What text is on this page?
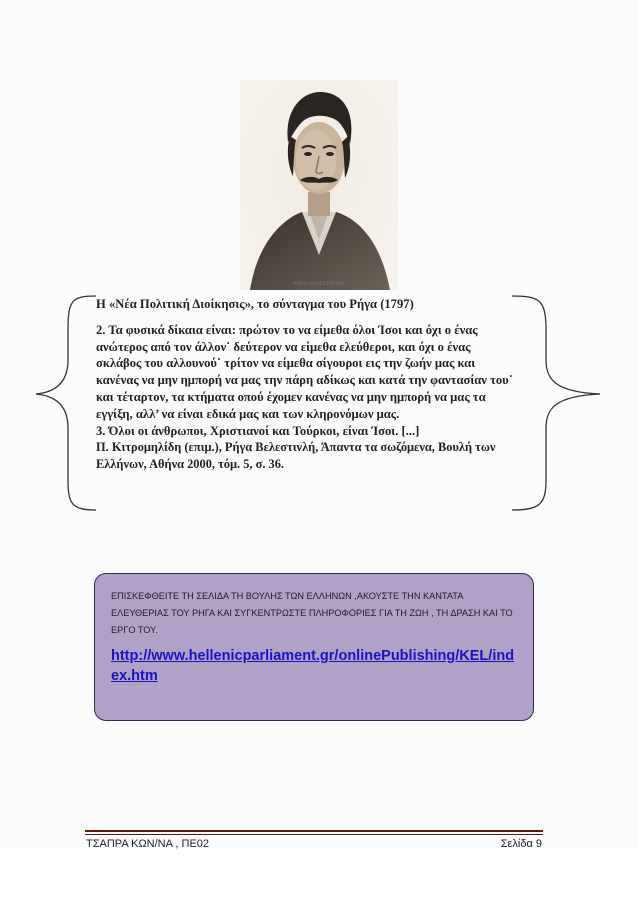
ΡΗΓΑΣ ΒΕΛΕΣΤΙΝΛΗΣ

Η «Νέα Πολιτική Διοίκησις», το σύνταγμα του Ρήγα (1797)

2. Τα φυσικά δίκαια είναι: πρώτον το να είμεθα όλοι Ίσοι και όχι ο ένας ανώτερος από τον άλλον˙ δεύτερον να είμεθα ελεύθεροι, και όχι ο ένας σκλάβος του αλλουνού˙ τρίτον να είμεθα σίγουροι εις την ζωήν μας και κανένας να μην ημπορή να μας την πάρη αδίκως και κατά την φαντασίαν του˙ και τέταρτον, τα κτήματα οπού έχομεν κανένας να μην ημπορή να μας τα εγγίξη, αλλ’ να είναι εδικά μας και των κληρονόμων μας.

3. Όλοι οι άνθρωποι, Χριστιανοί και Τούρκοι, είναι Ίσοι. [...]

Π. Κιτρομηλίδη (επιμ.), Ρήγα Βελεστινλή, Άπαντα τα σωζόμενα, Βουλή των Ελλήνων, Αθήνα 2000, τόμ. 5, σ. 36.

ΕΠΙΣΚΕΦΘΕΙΤΕ ΤΗ ΣΕΛΙΔΑ ΤΗ ΒΟΥΛΗΣ ΤΩΝ ΕΛΛΗΝΩΝ ,ΑΚΟΥΣΤΕ ΤΗΝ ΚΑΝΤΑΤΑ ΕΛΕΥΘΕΡΙΑΣ ΤΟΥ ΡΗΓΑ ΚΑΙ ΣΥΓΚΕΝΤΡΩΣΤΕ ΠΛΗΡΟΦΟΡΙΕΣ ΓΙΑ ΤΗ ΖΩΗ , ΤΗ ΔΡΑΣΗ ΚΑΙ ΤΟ ΕΡΓΟ ΤΟΥ.

http://www.hellenicparliament.gr/onlinePublishing/KEL/index.htm
ΤΣΑΠΡΑ ΚΩΝ/ΝΑ , ΠΕ02	Σελίδα 9
